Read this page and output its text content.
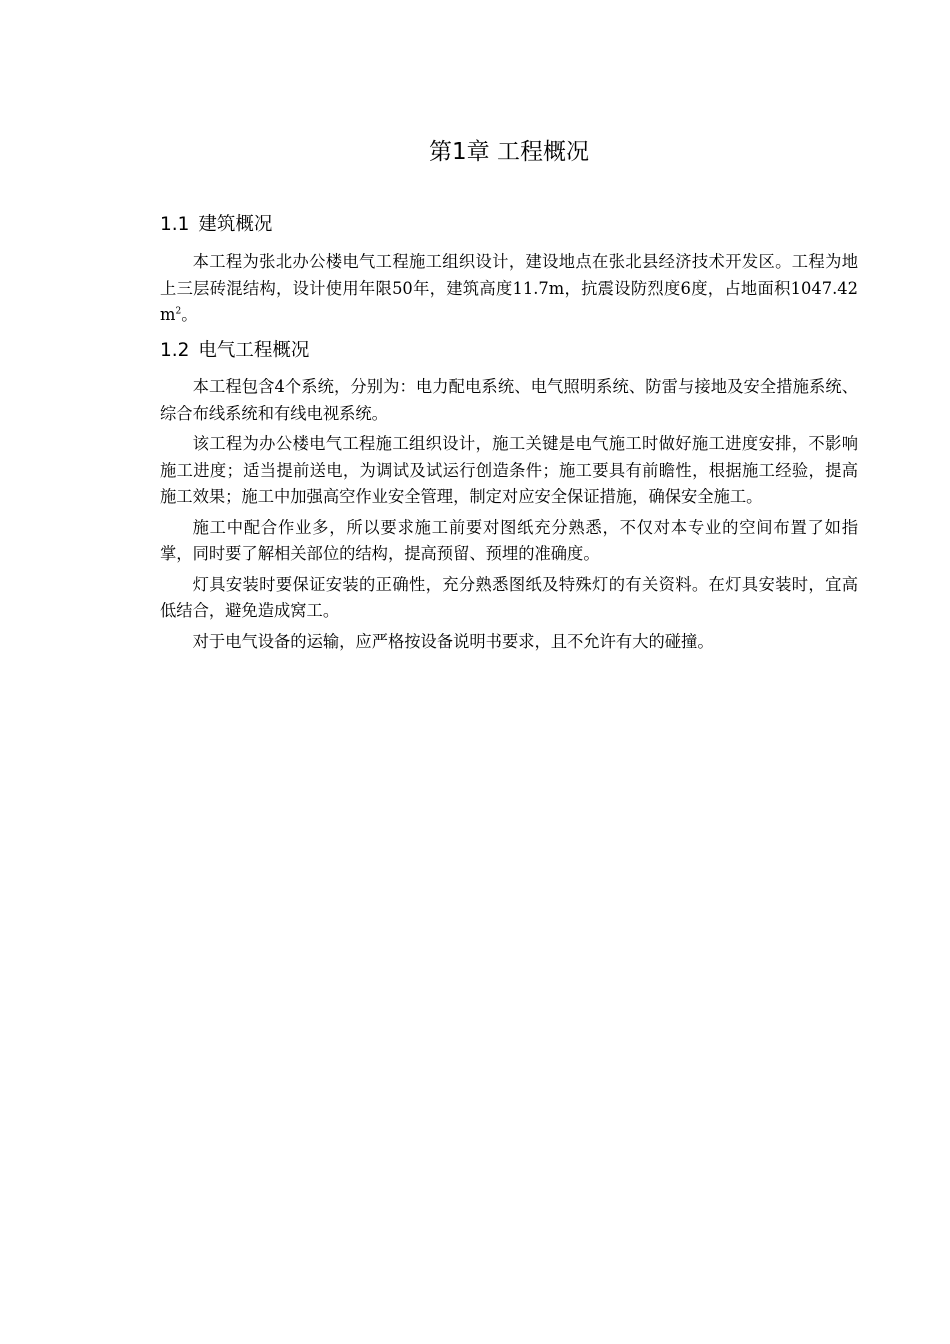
第1章 工程概况
1.1 建筑概况

本工程为张北办公楼电气工程施工组织设计，建设地点在张北县经济技术开发区。工程为地上三层砖混结构，设计使用年限50年，建筑高度11.7m，抗震设防烈度6度，占地面积$1047.42m^2$。

1.2 电气工程概况

本工程包含4个系统，分别为：电力配电系统、电气照明系统、防雷与接地及安全措施系统、综合布线系统和有线电视系统。

该工程为办公楼电气工程施工组织设计，施工关键是电气施工时做好施工进度安排，不影响施工进度；适当提前送电，为调试及试运行创造条件；施工要具有前瞻性，根据施工经验，提高施工效果；施工中加强高空作业安全管理，制定对应安全保证措施，确保安全施工。

施工中配合作业多，所以要求施工前要对图纸充分熟悉，不仅对本专业的空间布置了如指掌，同时要了解相关部位的结构，提高预留、预埋的准确度。

灯具安装时要保证安装的正确性，充分熟悉图纸及特殊灯的有关资料。在灯具安装时，宜高低结合，避免造成窝工。

对于电气设备的运输，应严格按设备说明书要求，且不允许有大的碰撞。
